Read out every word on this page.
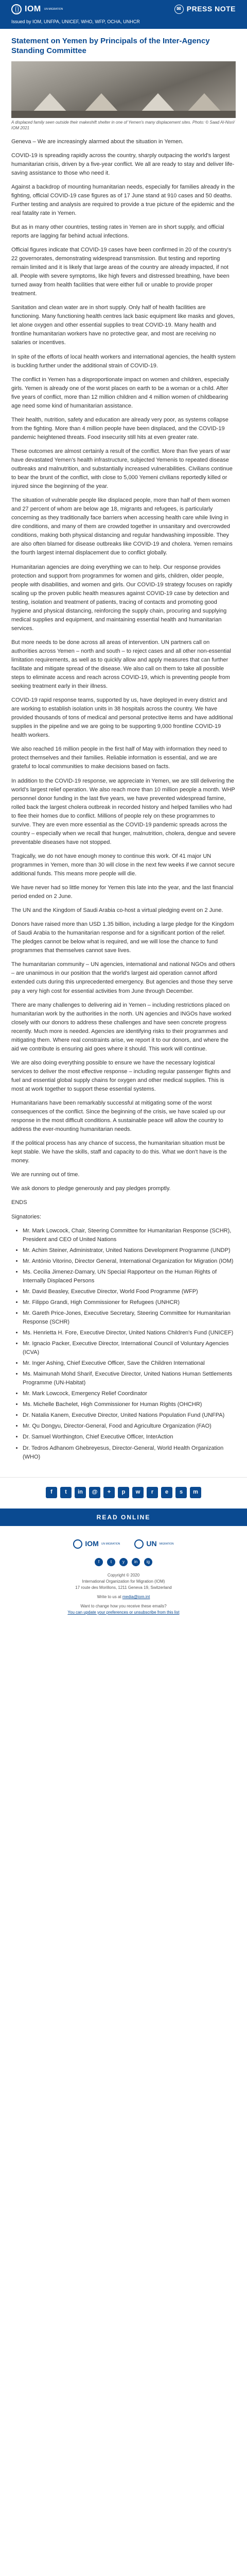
IOM UN MIGRATION	✉ PRESS NOTE
Issued by IOM, UNFPA, UNICEF, WHO, WFP, OCHA, UNHCR
Statement on Yemen by Principals of the Inter-Agency Standing Committee
A displaced family seen outside their makeshift shelter in one of Yemen's many displacement sites. Photo: © Saad Al-Nisri/ IOM 2021

Geneva – We are increasingly alarmed about the situation in Yemen.

COVID-19 is spreading rapidly across the country, sharply outpacing the world's largest humanitarian crisis, driven by a five-year conflict. We all are ready to stay and deliver life-saving assistance to those who need it.

Against a backdrop of mounting humanitarian needs, especially for families already in the fighting, official COVID-19 case figures as of 17 June stand at 910 cases and 50 deaths. Further testing and analysis are required to provide a true picture of the epidemic and the real fatality rate in Yemen.

But as in many other countries, testing rates in Yemen are in short supply, and official reports are lagging far behind actual infections.

Official figures indicate that COVID-19 cases have been confirmed in 20 of the country's 22 governorates, demonstrating widespread transmission. But testing and reporting remain limited and it is likely that large areas of the country are already impacted, if not all. People with severe symptoms, like high fevers and distressed breathing, have been turned away from health facilities that were either full or unable to provide proper treatment.

Sanitation and clean water are in short supply. Only half of health facilities are functioning. Many functioning health centres lack basic equipment like masks and gloves, let alone oxygen and other essential supplies to treat COVID-19. Many health and frontline humanitarian workers have no protective gear, and most are receiving no salaries or incentives.

In spite of the efforts of local health workers and international agencies, the health system is buckling further under the additional strain of COVID-19.

The conflict in Yemen has a disproportionate impact on women and children, especially girls. Yemen is already one of the worst places on earth to be a woman or a child. After five years of conflict, more than 12 million children and 4 million women of childbearing age need some kind of humanitarian assistance.

Their health, nutrition, safety and education are already very poor, as systems collapse from the fighting. More than 4 million people have been displaced, and the COVID-19 pandemic heightened threats. Food insecurity still hits at even greater rate.

These outcomes are almost certainly a result of the conflict. More than five years of war have devastated Yemen's health infrastructure, subjected Yemenis to repeated disease outbreaks and malnutrition, and substantially increased vulnerabilities. Civilians continue to bear the brunt of the conflict, with close to 5,000 Yemeni civilians reportedly killed or injured since the beginning of the year.

The situation of vulnerable people like displaced people, more than half of them women and 27 percent of whom are below age 18, migrants and refugees, is particularly concerning as they traditionally face barriers when accessing health care while living in dire conditions, and many of them are crowded together in unsanitary and overcrowded conditions, making both physical distancing and regular handwashing impossible. They are also often blamed for disease outbreaks like COVID-19 and cholera. Yemen remains the fourth largest internal displacement due to conflict globally.

Humanitarian agencies are doing everything we can to help. Our response provides protection and support from programmes for women and girls, children, older people, people with disabilities, and women and girls. Our COVID-19 strategy focuses on rapidly scaling up the proven public health measures against COVID-19 case by detection and testing, isolation and treatment of patients, tracing of contacts and promoting good hygiene and physical distancing, reinforcing the supply chain, procuring and supplying medical supplies and equipment, and maintaining essential health and humanitarian services.

But more needs to be done across all areas of intervention. UN partners call on authorities across Yemen – north and south – to reject cases and all other non-essential limitation requirements, as well as to quickly allow and apply measures that can further facilitate and mitigate spread of the disease. We also call on them to take all possible steps to eliminate access and reach across COVID-19, which is preventing people from seeking treatment early in their illness.

COVID-19 rapid response teams, supported by us, have deployed in every district and are working to establish isolation units in 38 hospitals across the country. We have provided thousands of tons of medical and personal protective items and have additional supplies in the pipeline and we are going to be supporting 9,000 frontline COVID-19 health workers.

We also reached 16 million people in the first half of May with information they need to protect themselves and their families. Reliable information is essential, and we are grateful to local communities to make decisions based on facts.

In addition to the COVID-19 response, we appreciate in Yemen, we are still delivering the world's largest relief operation. We also reach more than 10 million people a month. WHP personnel donor funding in the last five years, we have prevented widespread famine, rolled back the largest cholera outbreak in recorded history and helped families who had to flee their homes due to conflict. Millions of people rely on these programmes to survive. They are even more essential as the COVID-19 pandemic spreads across the country – especially when we recall that hunger, malnutrition, cholera, dengue and severe preventable diseases have not stopped.

Tragically, we do not have enough money to continue this work. Of 41 major UN programmes in Yemen, more than 30 will close in the next few weeks if we cannot secure additional funds. This means more people will die.

We have never had so little money for Yemen this late into the year, and the last financial period ended on 2 June.

The UN and the Kingdom of Saudi Arabia co-host a virtual pledging event on 2 June.

Donors have raised more than USD 1.35 billion, including a large pledge for the Kingdom of Saudi Arabia to the humanitarian response and for a significant portion of the relief. The pledges cannot be below what is required, and we will lose the chance to fund programmes that themselves cannot save lives.

The humanitarian community – UN agencies, international and national NGOs and others – are unanimous in our position that the world's largest aid operation cannot afford extended cuts during this unprecedented emergency. But agencies and those they serve pay a very high cost for essential activities from June through December.

There are many challenges to delivering aid in Yemen – including restrictions placed on humanitarian work by the authorities in the north. UN agencies and INGOs have worked closely with our donors to address these challenges and have seen concrete progress recently. Much more is needed. Agencies are identifying risks to their programmes and mitigating them. Where real constraints arise, we report it to our donors, and where the aid we contribute is ensuring aid goes where it should. This work will continue.

We are also doing everything possible to ensure we have the necessary logistical services to deliver the most effective response – including regular passenger flights and fuel and essential global supply chains for oxygen and other medical supplies. This is most at work together to support these essential systems.

Humanitarians have been remarkably successful at mitigating some of the worst consequences of the conflict. Since the beginning of the crisis, we have scaled up our response in the most difficult conditions. A sustainable peace will allow the country to address the ever-mounting humanitarian needs.

If the political process has any chance of success, the humanitarian situation must be kept stable. We have the skills, staff and capacity to do this. What we don't have is the money.

We are running out of time.

We ask donors to pledge generously and pay pledges promptly.

ENDS

Signatories:

• Mr. Mark Lowcock, Chair, Steering Committee for Humanitarian Response (SCHR), President and CEO of United Nations
• Mr. Achim Steiner, Administrator, United Nations Development Programme (UNDP)
• Mr. António Vitorino, Director General, International Organization for Migration (IOM)
• Ms. Cecilia Jimenez-Damary, UN Special Rapporteur on the Human Rights of Internally Displaced Persons
• Mr. David Beasley, Executive Director, World Food Programme (WFP)
• Mr. Filippo Grandi, High Commissioner for Refugees (UNHCR)
• Mr. Gareth Price-Jones, Executive Secretary, Steering Committee for Humanitarian Response (SCHR)
• Ms. Henrietta H. Fore, Executive Director, United Nations Children's Fund (UNICEF)
• Mr. Ignacio Packer, Executive Director, International Council of Voluntary Agencies (ICVA)
• Mr. Inger Ashing, Chief Executive Officer, Save the Children International
• Ms. Maimunah Mohd Sharif, Executive Director, United Nations Human Settlements Programme (UN-Habitat)
• Mr. Mark Lowcock, Emergency Relief Coordinator
• Ms. Michelle Bachelet, High Commissioner for Human Rights (OHCHR)
• Dr. Natalia Kanem, Executive Director, United Nations Population Fund (UNFPA)
• Mr. Qu Dongyu, Director-General, Food and Agriculture Organization (FAO)
• Dr. Samuel Worthington, Chief Executive Officer, InterAction
• Dr. Tedros Adhanom Ghebreyesus, Director-General, World Health Organization (WHO)
f	t	in	@	+	p	w	r	e	s	m
READ ONLINE
IOM UN MIGRATION	UN MIGRATION
f	t	y	in	ig
Copyright © 2020
International Organization for Migration (IOM)
17 route des Morillons, 1211 Geneva 19, Switzerland
Write to us at media@iom.int
Want to change how you receive these emails?
You can update your preferences or unsubscribe from this list
